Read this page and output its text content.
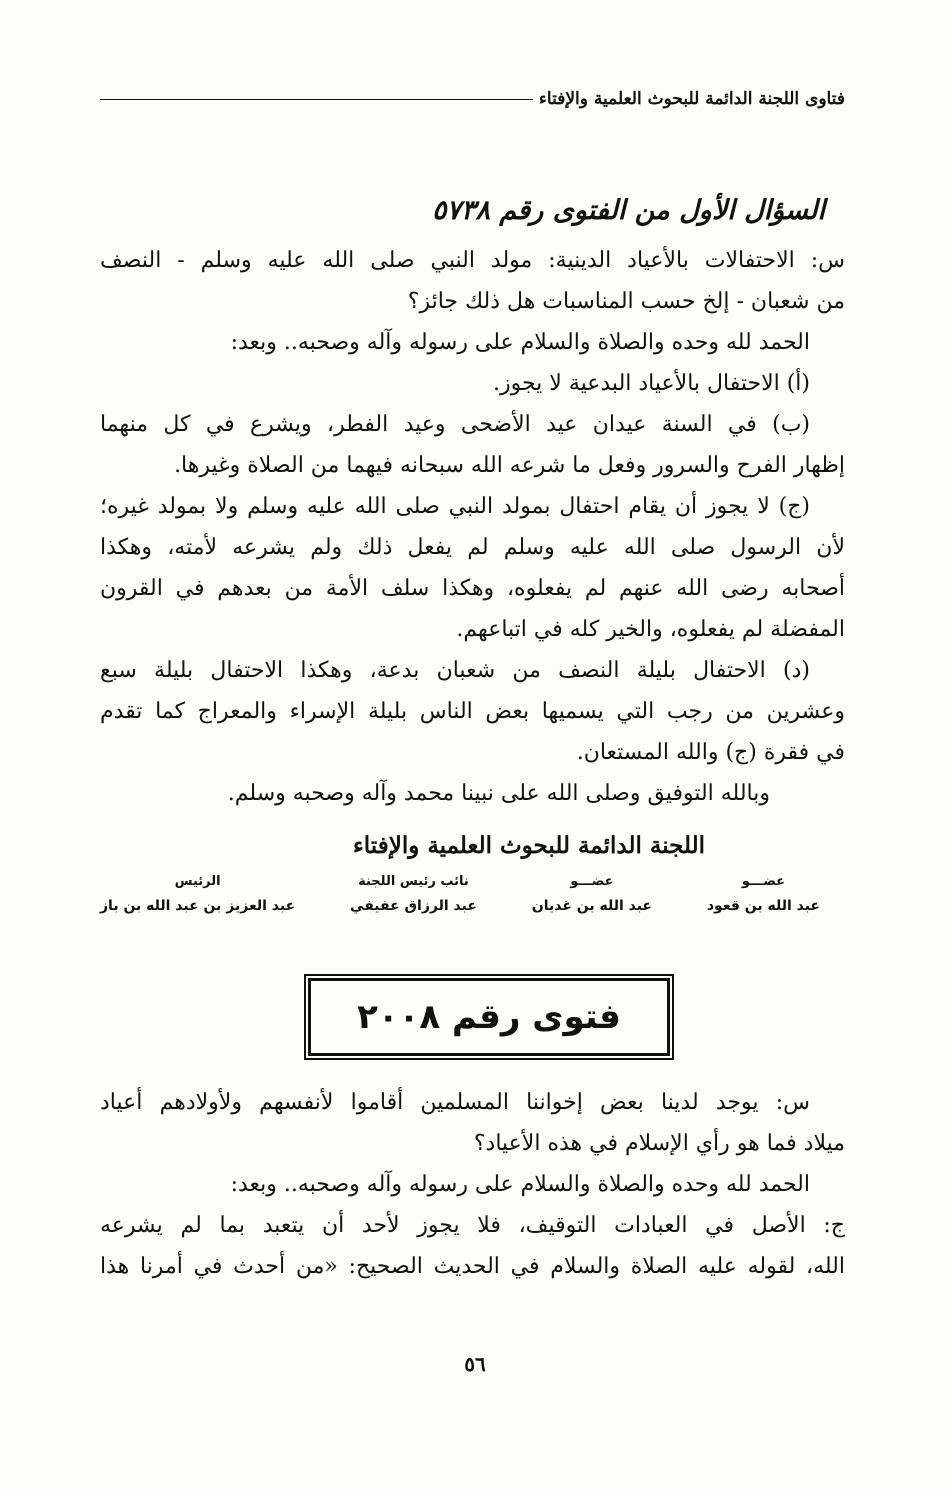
فتاوى اللجنة الدائمة للبحوث العلمية والإفتاء
السؤال الأول من الفتوى رقم ٥٧٣٨
س: الاحتفالات بالأعياد الدينية: مولد النبي صلى الله عليه وسلم - النصف
من شعبان - إلخ حسب المناسبات هل ذلك جائز؟
الحمد لله وحده والصلاة والسلام على رسوله وآله وصحبه.. وبعد:
(أ) الاحتفال بالأعياد البدعية لا يجوز.
(ب) في السنة عيدان عيد الأضحى وعيد الفطر، ويشرع في كل منهما
إظهار الفرح والسرور وفعل ما شرعه الله سبحانه فيهما من الصلاة وغيرها.
(ج) لا يجوز أن يقام احتفال بمولد النبي صلى الله عليه وسلم ولا بمولد غيره؛
لأن الرسول صلى الله عليه وسلم لم يفعل ذلك ولم يشرعه لأمته، وهكذا
أصحابه رضى الله عنهم لم يفعلوه، وهكذا سلف الأمة من بعدهم في القرون
المفضلة لم يفعلوه، والخير كله في اتباعهم.
(د) الاحتفال بليلة النصف من شعبان بدعة، وهكذا الاحتفال بليلة سبع
وعشرين من رجب التي يسميها بعض الناس بليلة الإسراء والمعراج كما تقدم
في فقرة (ج) والله المستعان.
وبالله التوفيق وصلى الله على نبينا محمد وآله وصحبه وسلم.
اللجنة الدائمة للبحوث العلمية والإفتاء
عضـــو
عبد الله بن قعود
عضـــو
عبد الله بن غديان
نائب رئيس اللجنة
عبد الرزاق عفيفي
الرئيس
عبد العزيز بن عبد الله بن باز
فتوى رقم ٢٠٠٨
س: يوجد لدينا بعض إخواننا المسلمين أقاموا لأنفسهم ولأولادهم أعياد
ميلاد فما هو رأي الإسلام في هذه الأعياد؟
الحمد لله وحده والصلاة والسلام على رسوله وآله وصحبه.. وبعد:
ج: الأصل في العبادات التوقيف، فلا يجوز لأحد أن يتعبد بما لم يشرعه
الله، لقوله عليه الصلاة والسلام في الحديث الصحيح: «من أحدث في أمرنا هذا
٥٦
